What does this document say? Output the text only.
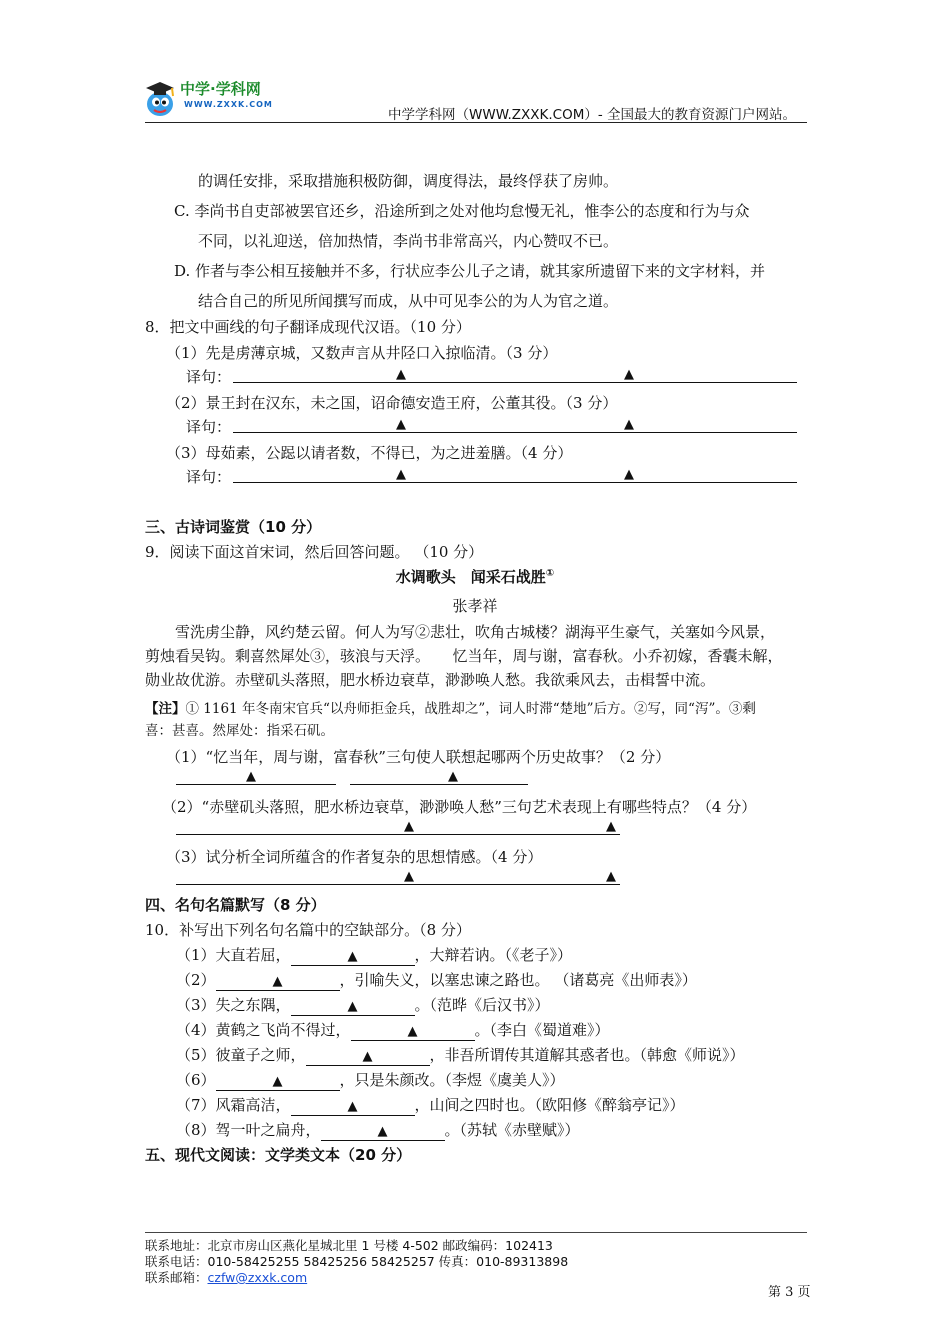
中学·学科网
WWW.ZXXK.COM
中学学科网（WWW.ZXXK.COM）- 全国最大的教育资源门户网站。
的调任安排，采取措施积极防御，调度得法，最终俘获了房帅。
C. 李尚书自吏部被罢官还乡，沿途所到之处对他均怠慢无礼，惟李公的态度和行为与众
不同，以礼迎送，倍加热情，李尚书非常高兴，内心赞叹不已。
D. 作者与李公相互接触并不多，行状应李公儿子之请，就其家所遗留下来的文字材料，并
结合自己的所见所闻撰写而成，从中可见李公的为人为官之道。
8．把文中画线的句子翻译成现代汉语。（10 分）
（1）先是虏薄京城，又数声言从井陉口入掠临清。（3 分）
译句：	▲	▲
（2）景王封在汉东，未之国，诏命德安造王府，公董其役。（3 分）
译句：	▲	▲
（3）母茹素，公跽以请者数，不得已，为之进羞膳。（4 分）
译句：	▲	▲
三、古诗词鉴赏（10 分）
9．阅读下面这首宋词，然后回答问题。 （10 分）
水调歌头　闻采石战胜①
张孝祥
雪洗虏尘静，风约楚云留。何人为写②悲壮，吹角古城楼？湖海平生豪气，关塞如今风景，
剪烛看吴钩。剩喜然犀处③，骇浪与天浮。　　忆当年，周与谢，富春秋。小乔初嫁，香囊未解，
勋业故优游。赤壁矶头落照，肥水桥边衰草，渺渺唤人愁。我欲乘风去，击楫誓中流。
【注】① 1161 年冬南宋官兵“以舟师拒金兵，战胜却之”，词人时滞“楚地”后方。②写，同“泻”。③剩
喜：甚喜。然犀处：指采石矶。
（1）“忆当年，周与谢，富春秋”三句使人联想起哪两个历史故事？（2 分）
▲	▲
（2）“赤壁矶头落照，肥水桥边衰草，渺渺唤人愁”三句艺术表现上有哪些特点？（4 分）
▲	▲
（3）试分析全词所蕴含的作者复杂的思想情感。（4 分）
▲	▲
四、名句名篇默写（8 分）
10．补写出下列名句名篇中的空缺部分。（8 分）
（1）大直若屈，	▲	，大辩若讷。（《老子》）
（2）	▲	，引喻失义，以塞忠谏之路也。 （诸葛亮《出师表》）
（3）失之东隅，	▲	。（范晔《后汉书》）
（4）黄鹤之飞尚不得过，	▲	。（李白《蜀道难》）
（5）彼童子之师，	▲	，非吾所谓传其道解其惑者也。（韩愈《师说》）
（6）	▲	，只是朱颜改。（李煜《虞美人》）
（7）风霜高洁，	▲	，山间之四时也。（欧阳修《醉翁亭记》）
（8）驾一叶之扁舟，	▲	。（苏轼《赤壁赋》）
五、现代文阅读：文学类文本（20 分）
联系地址：北京市房山区燕化星城北里 1 号楼 4-502 邮政编码：102413
联系电话：010-58425255 58425256 58425257 传真：010-89313898
联系邮箱：czfw@zxxk.com
第 3 页
